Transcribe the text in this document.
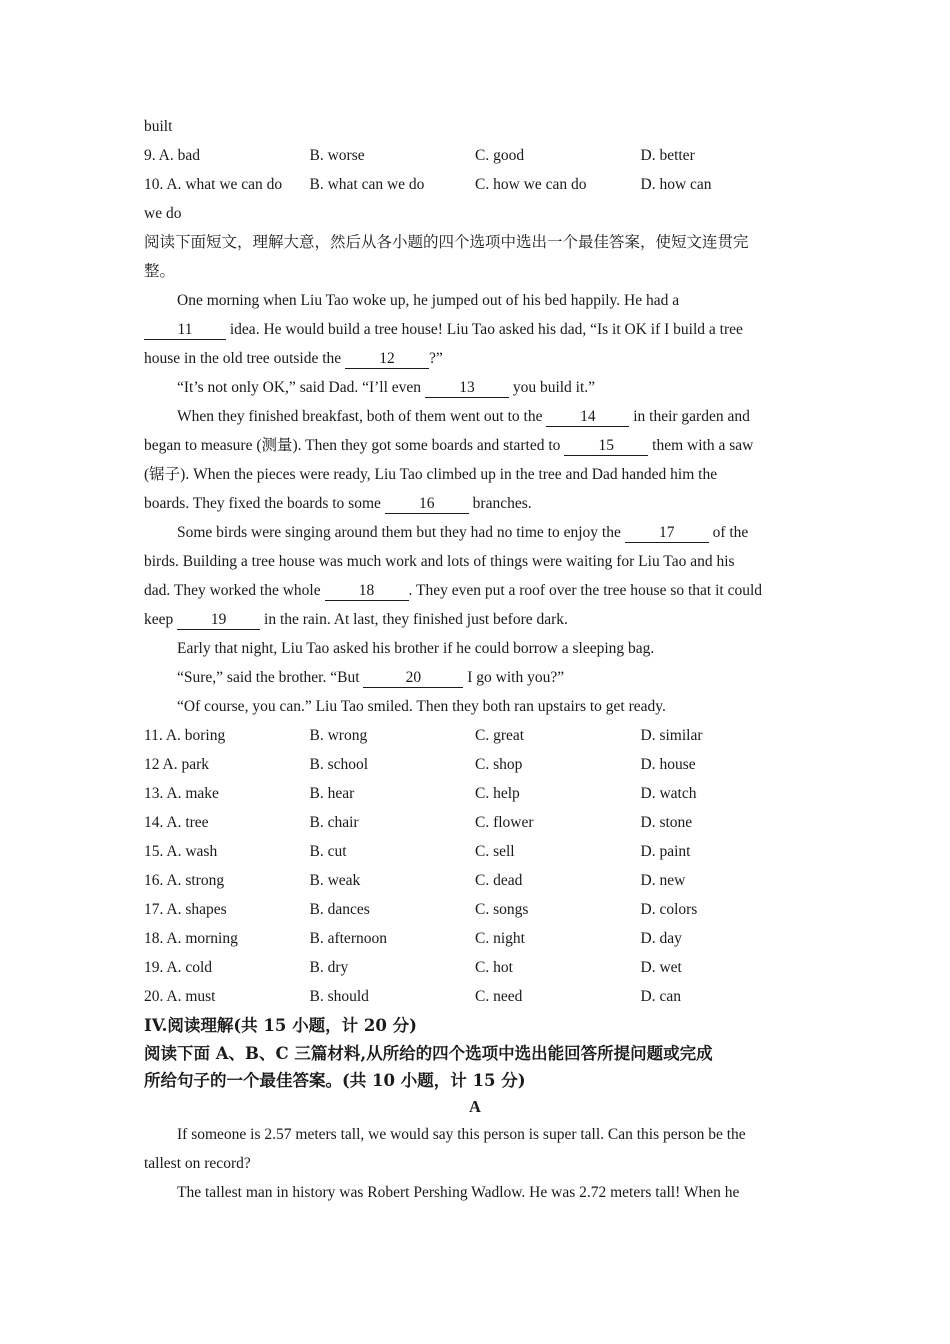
built
9. A. bad	B. worse	C. good	D. better
10. A. what we can do	B. what can we do	C. how we can do	D. how can
we do
阅读下面短文，理解大意，然后从各小题的四个选项中选出一个最佳答案，使短文连贯完
整。
One morning when Liu Tao woke up, he jumped out of his bed happily. He had a
11 idea. He would build a tree house! Liu Tao asked his dad, “Is it OK if I build a tree
house in the old tree outside the 12 ?”
“It’s not only OK,” said Dad. “I’ll even 13 you build it.”
When they finished breakfast, both of them went out to the 14 in their garden and
began to measure (测量). Then they got some boards and started to 15 them with a saw
(锯子). When the pieces were ready, Liu Tao climbed up in the tree and Dad handed him the
boards. They fixed the boards to some 16 branches.
Some birds were singing around them but they had no time to enjoy the 17 of the
birds. Building a tree house was much work and lots of things were waiting for Liu Tao and his
dad. They worked the whole 18 . They even put a roof over the tree house so that it could
keep 19 in the rain. At last, they finished just before dark.
Early that night, Liu Tao asked his brother if he could borrow a sleeping bag.
“Sure,” said the brother. “But	20	I go with you?”
“Of course, you can.” Liu Tao smiled. Then they both ran upstairs to get ready.
11. A. boring	B. wrong	C. great	D. similar
12 A. park	B. school	C. shop	D. house
13. A. make	B. hear	C. help	D. watch
14. A. tree	B. chair	C. flower	D. stone
15. A. wash	B. cut	C. sell	D. paint
16. A. strong	B. weak	C. dead	D. new
17. A. shapes	B. dances	C. songs	D. colors
18. A. morning	B. afternoon	C. night	D. day
19. A. cold	B. dry	C. hot	D. wet
20. A. must	B. should	C. need	D. can
IV.阅读理解(共 15 小题，计 20 分)
阅读下面 A、B、C 三篇材料,从所给的四个选项中选出能回答所提问题或完成
所给句子的一个最佳答案。(共 10 小题，计 15 分)
A
If someone is 2.57 meters tall, we would say this person is super tall. Can this person be the
tallest on record?
The tallest man in history was Robert Pershing Wadlow. He was 2.72 meters tall! When he
